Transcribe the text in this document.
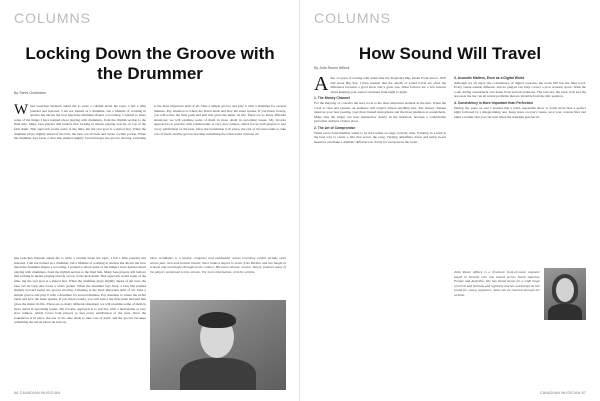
COLUMNS
Locking Down the Groove with the Drummer
By Steve Goldhaber
When Gretchen Weinreb asked me to write a column about the topic, I felt a little puzzled and honored. I am not trained as a drummer, but a lifetime of working in studios has shown me how much the drummer shapes a recording. I wanted to share some of the things I have learned about playing with drummers, from the rhythm section to the final mix. Many bass players still believe that locking in means playing exactly on top of the kick drum. That approach works some of the time, but the real goal is a shared feel. When the drummer plays slightly ahead of the beat, the bass can sit back and create a wider pocket. When the drummer lays back, a bass line pushed slightly forward keeps the groove moving. Listening is the most important skill of all. Take a simple groove and play it with a drummer for several minutes. Pay attention to where the hi-hat lands and how the snare speaks. If you listen closely, you will notice the little push and pull that gives the music its life. There are so many different situations; we will examine some of them in more detail in upcoming issues. My favorite approach is to practice with a metronome at very slow tempos, which forces both players to feel every subdivision of the beat. Once the foundation is in place, the rest of the tune tends to take care of itself, and the groove becomes something the whole band can lean on.
hen Gretchen Weinreb asked me to write a column about the topic, I felt a little puzzled and honored. I am not trained as a drummer, but a lifetime of working in studios has shown me how much the drummer shapes a recording. I wanted to share some of the things I have learned about playing with drummers, from the rhythm section to the final mix. Many bass players still believe that locking in means playing exactly on top of the kick drum. That approach works some of the time, but the real goal is a shared feel. When the drummer plays slightly ahead of the beat, the bass can sit back and create a wider pocket. When the drummer lays back, a bass line pushed slightly forward keeps the groove moving. Listening is the most important skill of all. Take a simple groove and play it with a drummer for several minutes. Pay attention to where the hi-hat lands and how the snare speaks. If you listen closely, you will notice the little push and pull that gives the music its life. There are so many different situations; we will examine some of them in more detail in upcoming issues. My favorite approach is to practice with a metronome at very slow tempos, which forces both players to feel every subdivision of the beat. Once the foundation is in place, the rest of the tune tends to take care of itself, and the groove becomes something the whole band can lean on.
Steve Goldhaber is a bassist, composer and bandleader whose recording credits include work across jazz, rock and musical theater. Steve holds a degree in music from Berklee and has taught at schools and workshops throughout the country. His latest release, Groove Theory, features many of the players mentioned in this column. For more information, visit his website.
66 CANADIAN MUSICIAN
COLUMNS
How Sound Will Travel
By Julia Rosen Affleck
After 12 years of touring with artists like the Tragically Hip, Death From Above 1979 and Great Big Sea, I have learned that the details of sound travel are often the difference between a good show and a great one. What follows are a few lessons about keeping your sound consistent from night to night.
1. The Money Channel
For the majority of concerts the lead vocal is the most important element in the mix. When the vocal is clear and present, an audience will forgive almost anything else. The money channel deserves your best preamp, your most trusted microphone and the most attention at soundcheck. Make sure the singer can hear themselves clearly in the monitors, because a comfortable performer delivers a better show.
2. The Art of Compromise
When every band member wants to be the loudest on stage, nobody wins. Working as a team is the best way to create a mix that serves the song. Turning amplifiers down and using in-ear monitors can make a dramatic difference in clarity for everyone in the room.
3. Acoustic Matters, Even as a Digital World
Although we all enjoy the convenience of digital consoles, the room still has the final word. Every venue sounds different, and no plug-in can fully correct a poor acoustic space. Walk the room during soundcheck and listen from several positions. The balcony, the back wall and the area near the bar can all reveal problems that are invisible from the mix position.
4. Consistency is More Important than Perfection
During my years on tour I learned that a solid, repeatable show is worth more than a perfect night followed by a disappointing one. Keep notes on every venue, save your console files and build a routine that you can trust when the schedule gets hectic.
Julia Rosen Affleck is a freelance front-of-house engineer based in Toronto who has toured across North America, Europe and Australia. She has mixed shows for a wide range of artists and festivals and regularly teaches workshops on live sound for young engineers. Julia can be reached through her website.
CANADIAN MUSICIAN 67
